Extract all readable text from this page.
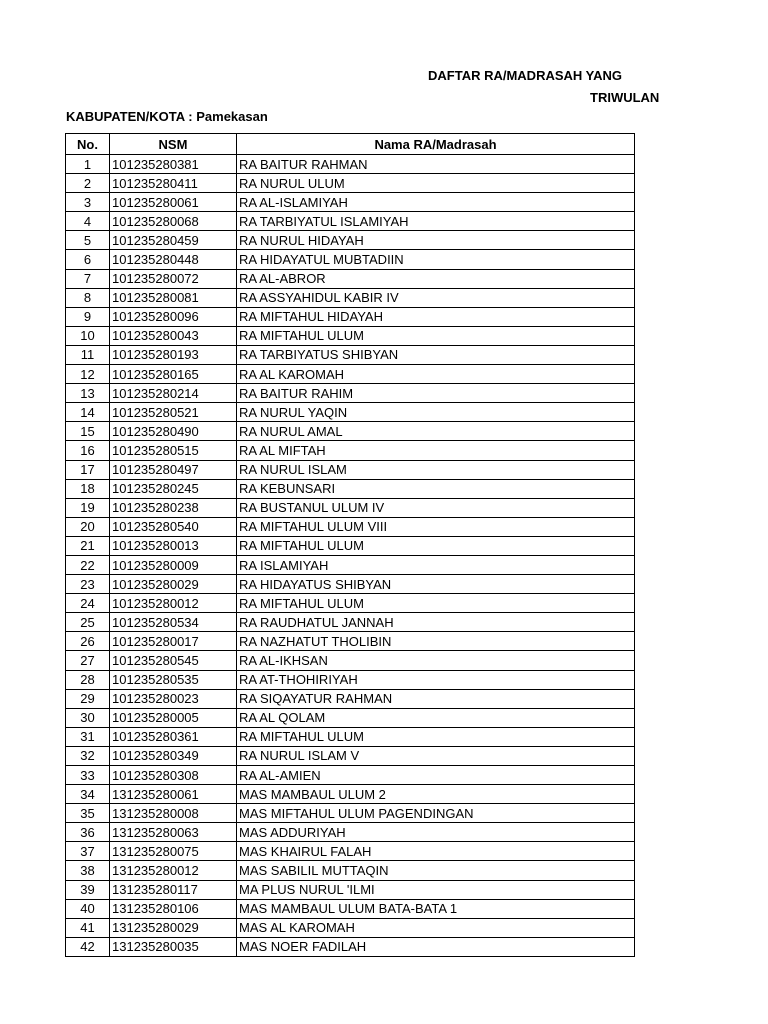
DAFTAR RA/MADRASAH YANG
TRIWULAN
KABUPATEN/KOTA : Pamekasan
No.	NSM	Nama RA/Madrasah
1	101235280381	RA BAITUR RAHMAN
2	101235280411	RA NURUL ULUM
3	101235280061	RA AL-ISLAMIYAH
4	101235280068	RA TARBIYATUL ISLAMIYAH
5	101235280459	RA NURUL HIDAYAH
6	101235280448	RA HIDAYATUL MUBTADIIN
7	101235280072	RA AL-ABROR
8	101235280081	RA ASSYAHIDUL KABIR IV
9	101235280096	RA MIFTAHUL HIDAYAH
10	101235280043	RA MIFTAHUL ULUM
11	101235280193	RA TARBIYATUS SHIBYAN
12	101235280165	RA AL KAROMAH
13	101235280214	RA BAITUR RAHIM
14	101235280521	RA NURUL YAQIN
15	101235280490	RA NURUL AMAL
16	101235280515	RA AL MIFTAH
17	101235280497	RA NURUL ISLAM
18	101235280245	RA KEBUNSARI
19	101235280238	RA BUSTANUL ULUM IV
20	101235280540	RA MIFTAHUL ULUM VIII
21	101235280013	RA MIFTAHUL ULUM
22	101235280009	RA ISLAMIYAH
23	101235280029	RA HIDAYATUS SHIBYAN
24	101235280012	RA MIFTAHUL ULUM
25	101235280534	RA RAUDHATUL JANNAH
26	101235280017	RA NAZHATUT THOLIBIN
27	101235280545	RA AL-IKHSAN
28	101235280535	RA AT-THOHIRIYAH
29	101235280023	RA SIQAYATUR RAHMAN
30	101235280005	RA AL QOLAM
31	101235280361	RA MIFTAHUL ULUM
32	101235280349	RA NURUL ISLAM V
33	101235280308	RA AL-AMIEN
34	131235280061	MAS MAMBAUL ULUM 2
35	131235280008	MAS MIFTAHUL ULUM PAGENDINGAN
36	131235280063	MAS ADDURIYAH
37	131235280075	MAS KHAIRUL FALAH
38	131235280012	MAS SABILIL MUTTAQIN
39	131235280117	MA PLUS NURUL 'ILMI
40	131235280106	MAS MAMBAUL ULUM BATA-BATA 1
41	131235280029	MAS AL KAROMAH
42	131235280035	MAS NOER FADILAH
